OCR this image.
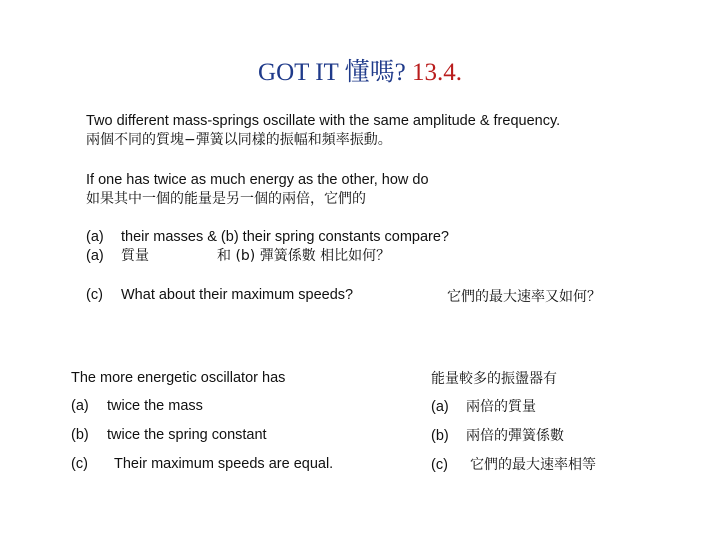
GOT IT 懂嗎? 13.4.
Two different mass-springs oscillate with the same amplitude & frequency.
兩個不同的質塊−彈簧以同樣的振幅和頻率振動。
If one has twice as much energy as the other, how do
如果其中一個的能量是另一個的兩倍，它們的
(a) their masses & (b) their spring constants compare?
(a) 質量	和 (b) 彈簧係數 相比如何？
(c) What about their maximum speeds?	它們的最大速率又如何？
The more energetic oscillator has	能量較多的振盪器有
(a) twice the mass	(a) 兩倍的質量
(b) twice the spring constant	(b) 兩倍的彈簧係數
(c) Their maximum speeds are equal.	(c) 它們的最大速率相等
